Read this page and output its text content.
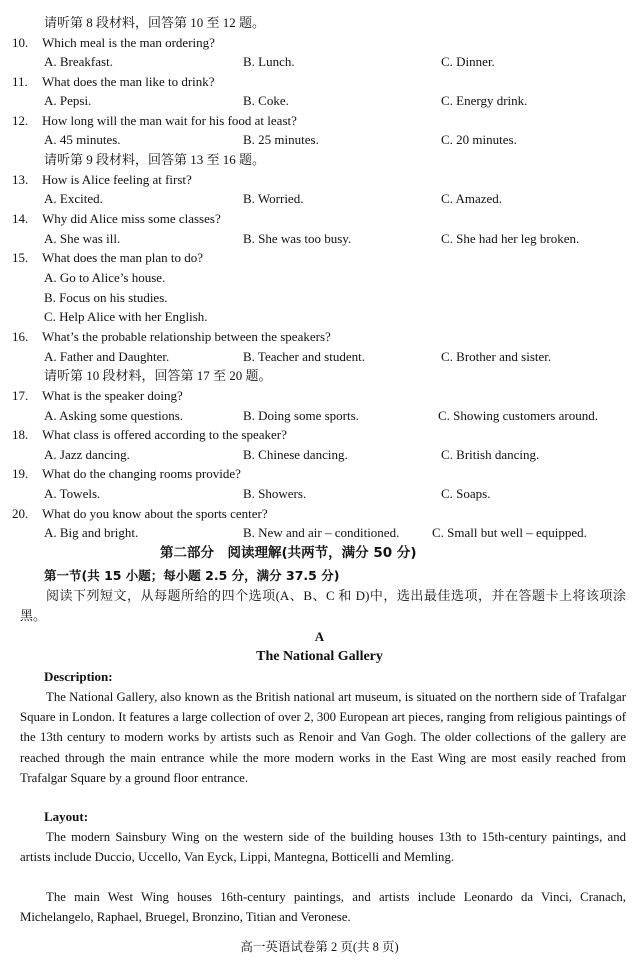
请听第 8 段材料，回答第 10 至 12 题。
10. Which meal is the man ordering?
A. Breakfast.	B. Lunch.	C. Dinner.
11. What does the man like to drink?
A. Pepsi.	B. Coke.	C. Energy drink.
12. How long will the man wait for his food at least?
A. 45 minutes.	B. 25 minutes.	C. 20 minutes.
请听第 9 段材料，回答第 13 至 16 题。
13. How is Alice feeling at first?
A. Excited.	B. Worried.	C. Amazed.
14. Why did Alice miss some classes?
A. She was ill.	B. She was too busy.	C. She had her leg broken.
15. What does the man plan to do?
A. Go to Alice’s house.
B. Focus on his studies.
C. Help Alice with her English.
16. What’s the probable relationship between the speakers?
A. Father and Daughter.	B. Teacher and student.	C. Brother and sister.
请听第 10 段材料，回答第 17 至 20 题。
17. What is the speaker doing?
A. Asking some questions.	B. Doing some sports.	C. Showing customers around.
18. What class is offered according to the speaker?
A. Jazz dancing.	B. Chinese dancing.	C. British dancing.
19. What do the changing rooms provide?
A. Towels.	B. Showers.	C. Soaps.
20. What do you know about the sports center?
A. Big and bright.	B. New and air – conditioned.	C. Small but well – equipped.
第二部分　阅读理解(共两节，满分 50 分)
第一节(共 15 小题；每小题 2.5 分，满分 37.5 分)
阅读下列短文，从每题所给的四个选项(A、B、C 和 D)中，选出最佳选项，并在答题卡上将该项涂黑。
A
The National Gallery
Description:
The National Gallery, also known as the British national art museum, is situated on the northern side of Trafalgar Square in London. It features a large collection of over 2, 300 European art pieces, ranging from religious paintings of the 13th century to modern works by artists such as Renoir and Van Gogh. The older collections of the gallery are reached through the main entrance while the more modern works in the East Wing are most easily reached from Trafalgar Square by a ground floor entrance.
Layout:
The modern Sainsbury Wing on the western side of the building houses 13th to 15th-century paintings, and artists include Duccio, Uccello, Van Eyck, Lippi, Mantegna, Botticelli and Memling.
The main West Wing houses 16th-century paintings, and artists include Leonardo da Vinci, Cranach, Michelangelo, Raphael, Bruegel, Bronzino, Titian and Veronese.
高一英语试卷第 2 页(共 8 页)
